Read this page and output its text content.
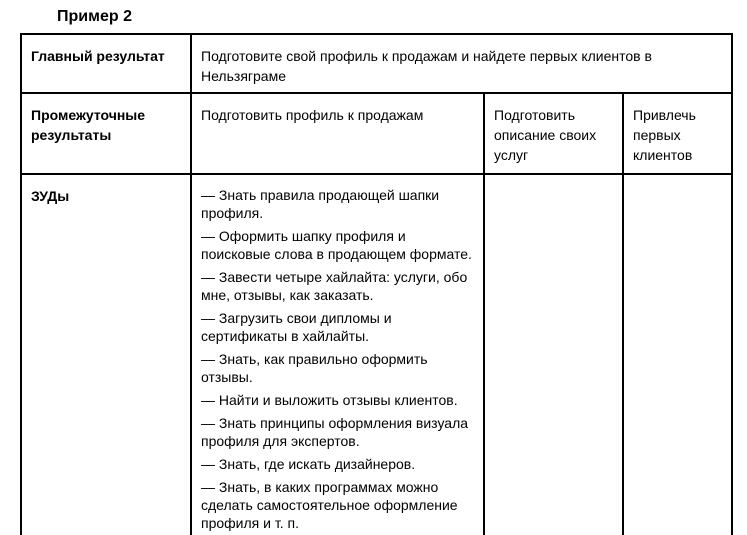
Пример 2
Главный результат	Подготовите свой профиль к продажам и найдете первых клиентов в Нельзяграме		
Промежуточные результаты	Подготовить профиль к продажам	Подготовить описание своих услуг	Привлечь первых клиентов
ЗУДы	— Знать правила продающей шапки профиля.

— Оформить шапку профиля и поисковые слова в продающем формате.

— Завести четыре хайлайта: услуги, обо мне, отзывы, как заказать.

— Загрузить свои дипломы и сертификаты в хайлайты.

— Знать, как правильно оформить отзывы.

— Найти и выложить отзывы клиентов.

— Знать принципы оформления визуала профиля для экспертов.

— Знать, где искать дизайнеров.

— Знать, в каких программах можно сделать самостоятельное оформление профиля и т. п.
